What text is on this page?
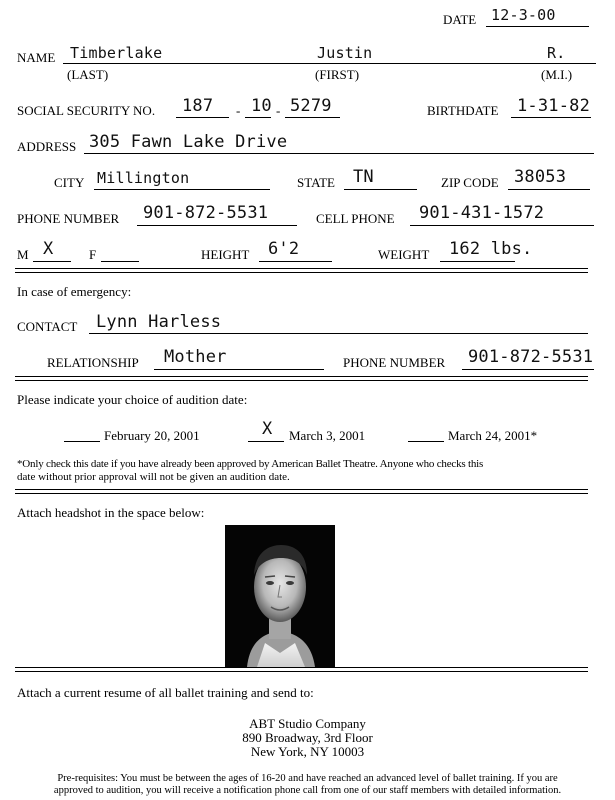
DATE 12-3-00
NAME Timberlake	Justin	R.
(LAST)	(FIRST)	(M.I.)
SOCIAL SECURITY NO. 187 - 10 - 5279	BIRTHDATE 1-31-82
ADDRESS 305 Fawn Lake Drive
CITY Millington	STATE TN	ZIP CODE 38053
PHONE NUMBER 901-872-5531	CELL PHONE 901-431-1572
M X	F	HEIGHT 6'2	WEIGHT 162 lbs.
In case of emergency:
CONTACT Lynn Harless
RELATIONSHIP Mother	PHONE NUMBER 901-872-5531
Please indicate your choice of audition date:
February 20, 2001	X March 3, 2001	March 24, 2001*
*Only check this date if you have already been approved by American Ballet Theatre. Anyone who checks this
date without prior approval will not be given an audition date.
Attach headshot in the space below:
Attach a current resume of all ballet training and send to:
ABT Studio Company
890 Broadway, 3rd Floor
New York, NY 10003
Pre-requisites: You must be between the ages of 16-20 and have reached an advanced level of ballet training. If you are
approved to audition, you will receive a notification phone call from one of our staff members with detailed information.
